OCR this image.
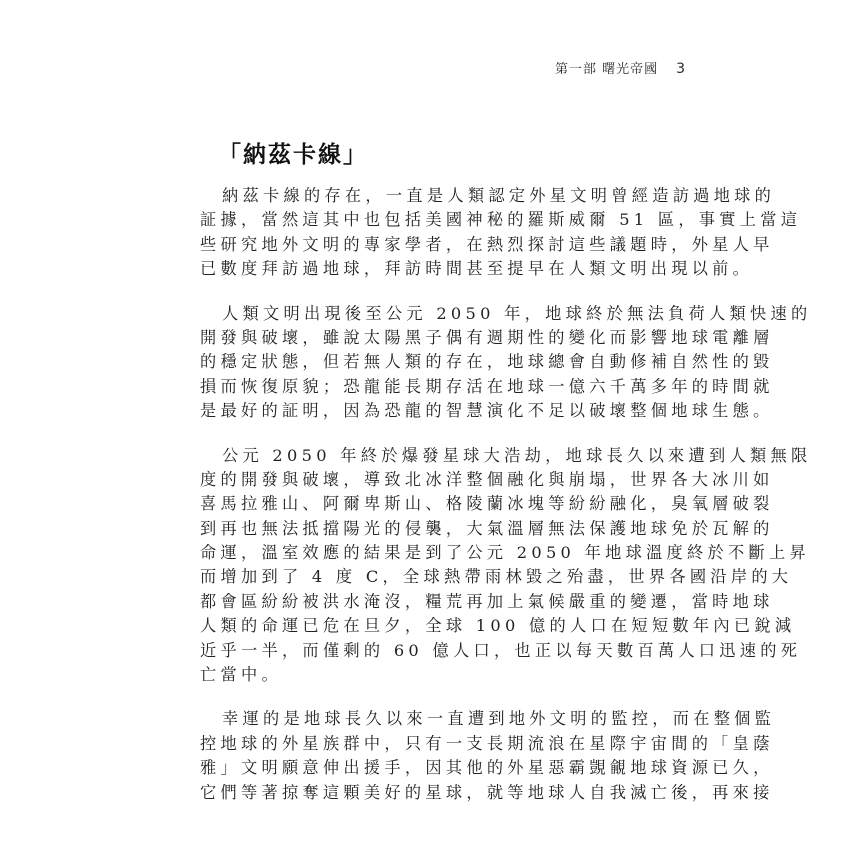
第一部 曙光帝國 3
「納茲卡線」
納茲卡線的存在，一直是人類認定外星文明曾經造訪過地球的
証據，當然這其中也包括美國神秘的羅斯威爾 51 區，事實上當這
些研究地外文明的專家學者，在熱烈探討這些議題時，外星人早
已數度拜訪過地球，拜訪時間甚至提早在人類文明出現以前。
人類文明出現後至公元 2050 年，地球終於無法負荷人類快速的
開發與破壞，雖說太陽黑子偶有週期性的變化而影響地球電離層
的穩定狀態，但若無人類的存在，地球總會自動修補自然性的毀
損而恢復原貌；恐龍能長期存活在地球一億六千萬多年的時間就
是最好的証明，因為恐龍的智慧演化不足以破壞整個地球生態。
公元 2050 年終於爆發星球大浩劫，地球長久以來遭到人類無限
度的開發與破壞，導致北冰洋整個融化與崩塌，世界各大冰川如
喜馬拉雅山、阿爾卑斯山、格陵蘭冰塊等紛紛融化，臭氧層破裂
到再也無法抵擋陽光的侵襲，大氣溫層無法保護地球免於瓦解的
命運，溫室效應的結果是到了公元 2050 年地球溫度終於不斷上昇
而增加到了 4 度 C，全球熱帶雨林毀之殆盡，世界各國沿岸的大
都會區紛紛被洪水淹沒，糧荒再加上氣候嚴重的變遷，當時地球
人類的命運已危在旦夕，全球 100 億的人口在短短數年內已銳減
近乎一半，而僅剩的 60 億人口，也正以每天數百萬人口迅速的死
亡當中。
幸運的是地球長久以來一直遭到地外文明的監控，而在整個監
控地球的外星族群中，只有一支長期流浪在星際宇宙間的「皇蔭
雅」文明願意伸出援手，因其他的外星惡霸覬覦地球資源已久，
它們等著掠奪這顆美好的星球，就等地球人自我滅亡後，再來接
